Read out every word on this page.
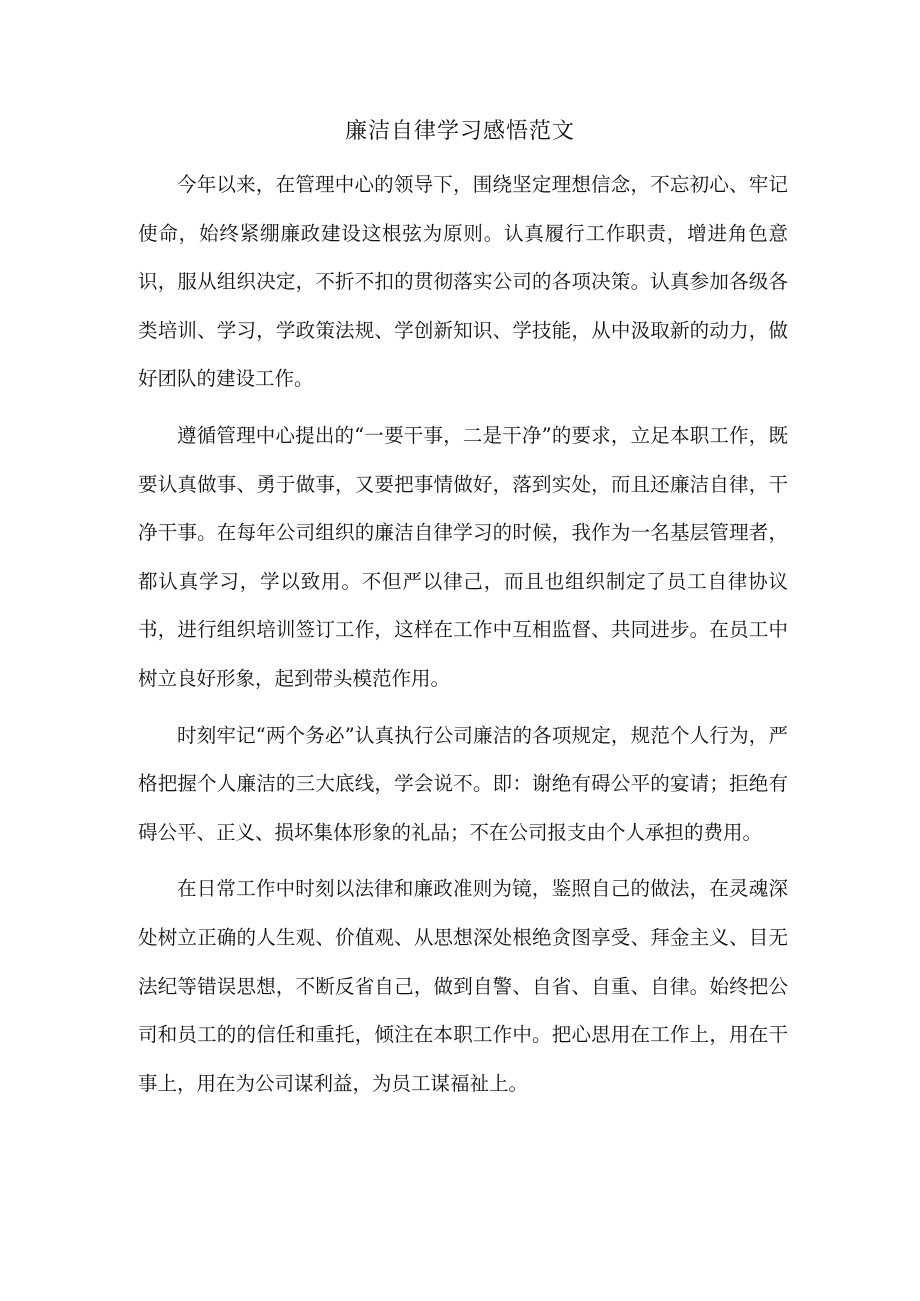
廉洁自律学习感悟范文

今年以来，在管理中心的领导下，围绕坚定理想信念，不忘初心、牢记使命，始终紧绷廉政建设这根弦为原则。认真履行工作职责，增进角色意识，服从组织决定，不折不扣的贯彻落实公司的各项决策。认真参加各级各类培训、学习，学政策法规、学创新知识、学技能，从中汲取新的动力，做好团队的建设工作。

遵循管理中心提出的“一要干事，二是干净”的要求，立足本职工作，既要认真做事、勇于做事，又要把事情做好，落到实处，而且还廉洁自律，干净干事。在每年公司组织的廉洁自律学习的时候，我作为一名基层管理者，都认真学习，学以致用。不但严以律己，而且也组织制定了员工自律协议书，进行组织培训签订工作，这样在工作中互相监督、共同进步。在员工中树立良好形象，起到带头模范作用。

时刻牢记“两个务必”认真执行公司廉洁的各项规定，规范个人行为，严格把握个人廉洁的三大底线，学会说不。即：谢绝有碍公平的宴请；拒绝有碍公平、正义、损坏集体形象的礼品；不在公司报支由个人承担的费用。

在日常工作中时刻以法律和廉政准则为镜，鉴照自己的做法，在灵魂深处树立正确的人生观、价值观、从思想深处根绝贪图享受、拜金主义、目无法纪等错误思想，不断反省自己，做到自警、自省、自重、自律。始终把公司和员工的的信任和重托，倾注在本职工作中。把心思用在工作上，用在干事上，用在为公司谋利益，为员工谋福祉上。
